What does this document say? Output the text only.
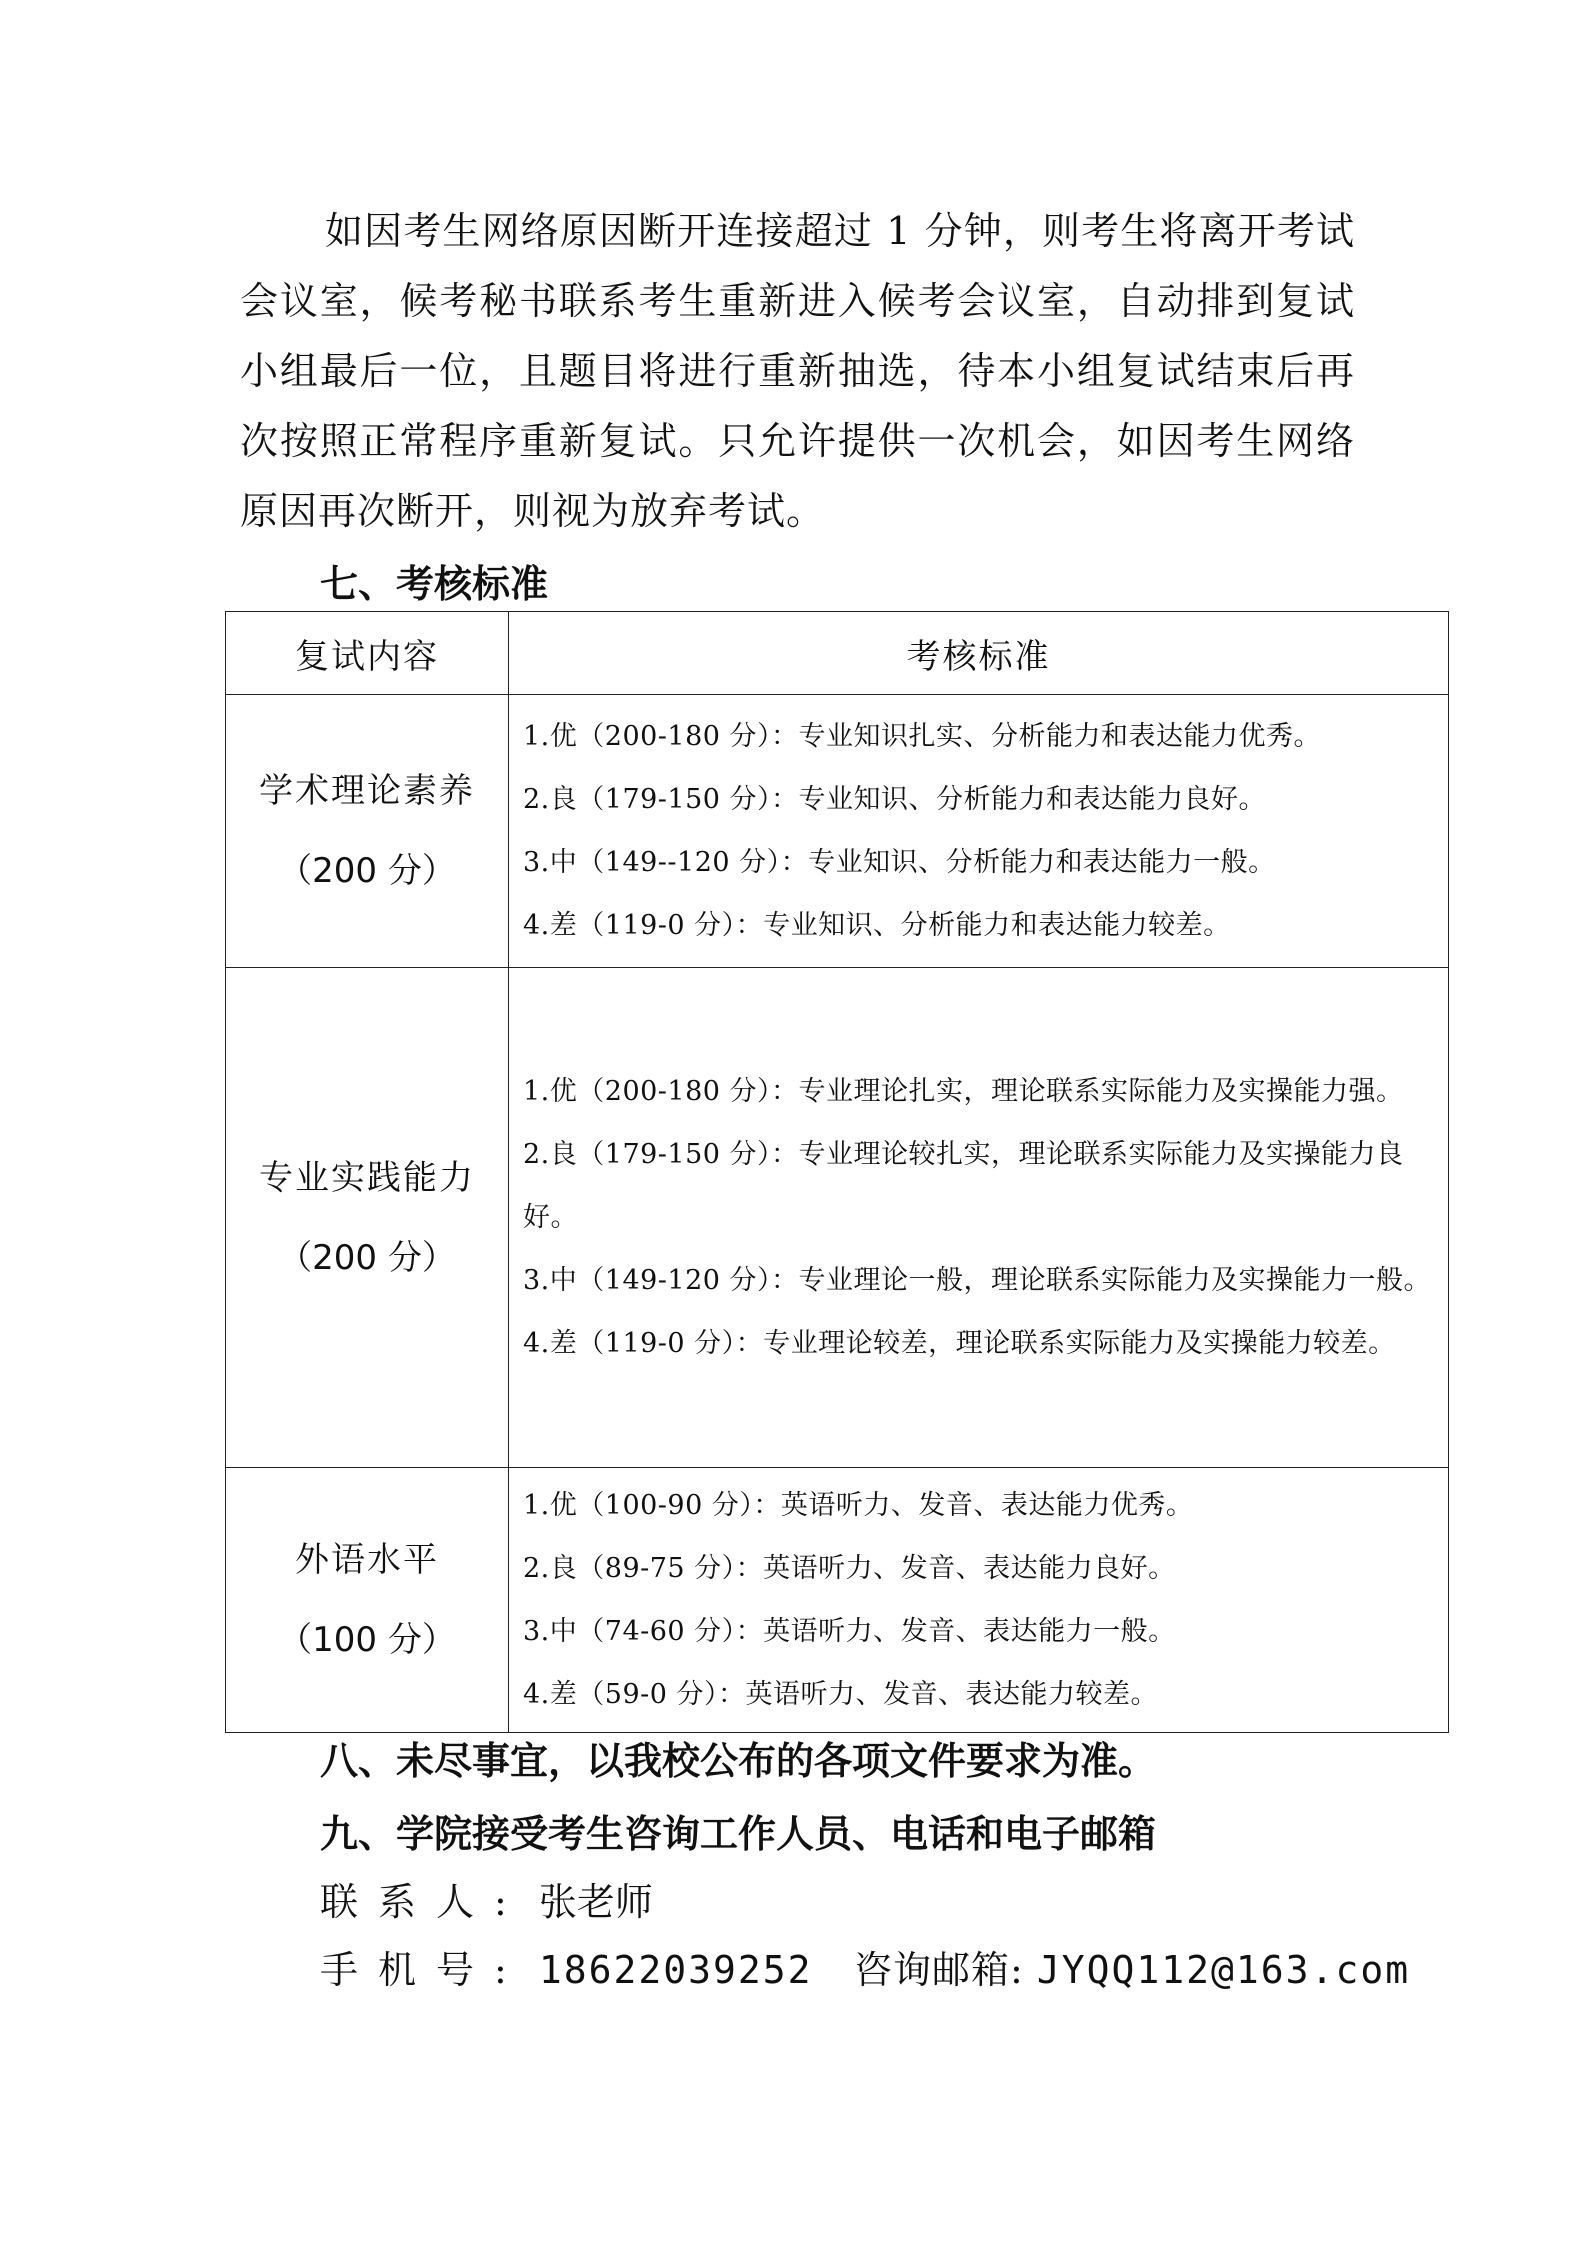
如因考生网络原因断开连接超过 1 分钟，则考生将离开考试会议室，候考秘书联系考生重新进入候考会议室，自动排到复试小组最后一位，且题目将进行重新抽选，待本小组复试结束后再次按照正常程序重新复试。只允许提供一次机会，如因考生网络原因再次断开，则视为放弃考试。

七、考核标准
复试内容	考核标准

学术理论素养
（200 分）	1.优（200-180 分）：专业知识扎实、分析能力和表达能力优秀。
2.良（179-150 分）：专业知识、分析能力和表达能力良好。
3.中（149--120 分）：专业知识、分析能力和表达能力一般。
4.差（119-0 分）：专业知识、分析能力和表达能力较差。

专业实践能力
（200 分）	1.优（200-180 分）：专业理论扎实，理论联系实际能力及实操能力强。
2.良（179-150 分）：专业理论较扎实，理论联系实际能力及实操能力良好。
3.中（149-120 分）：专业理论一般，理论联系实际能力及实操能力一般。
4.差（119-0 分）：专业理论较差，理论联系实际能力及实操能力较差。

外语水平
（100 分）	1.优（100-90 分）：英语听力、发音、表达能力优秀。
2.良（89-75 分）：英语听力、发音、表达能力良好。
3.中（74-60 分）：英语听力、发音、表达能力一般。
4.差（59-0 分）：英语听力、发音、表达能力较差。
八、未尽事宜，以我校公布的各项文件要求为准。
九、学院接受考生咨询工作人员、电话和电子邮箱

联系人: 张老师

手机号: 18622039252 咨询邮箱: JYQQ112@163.com
